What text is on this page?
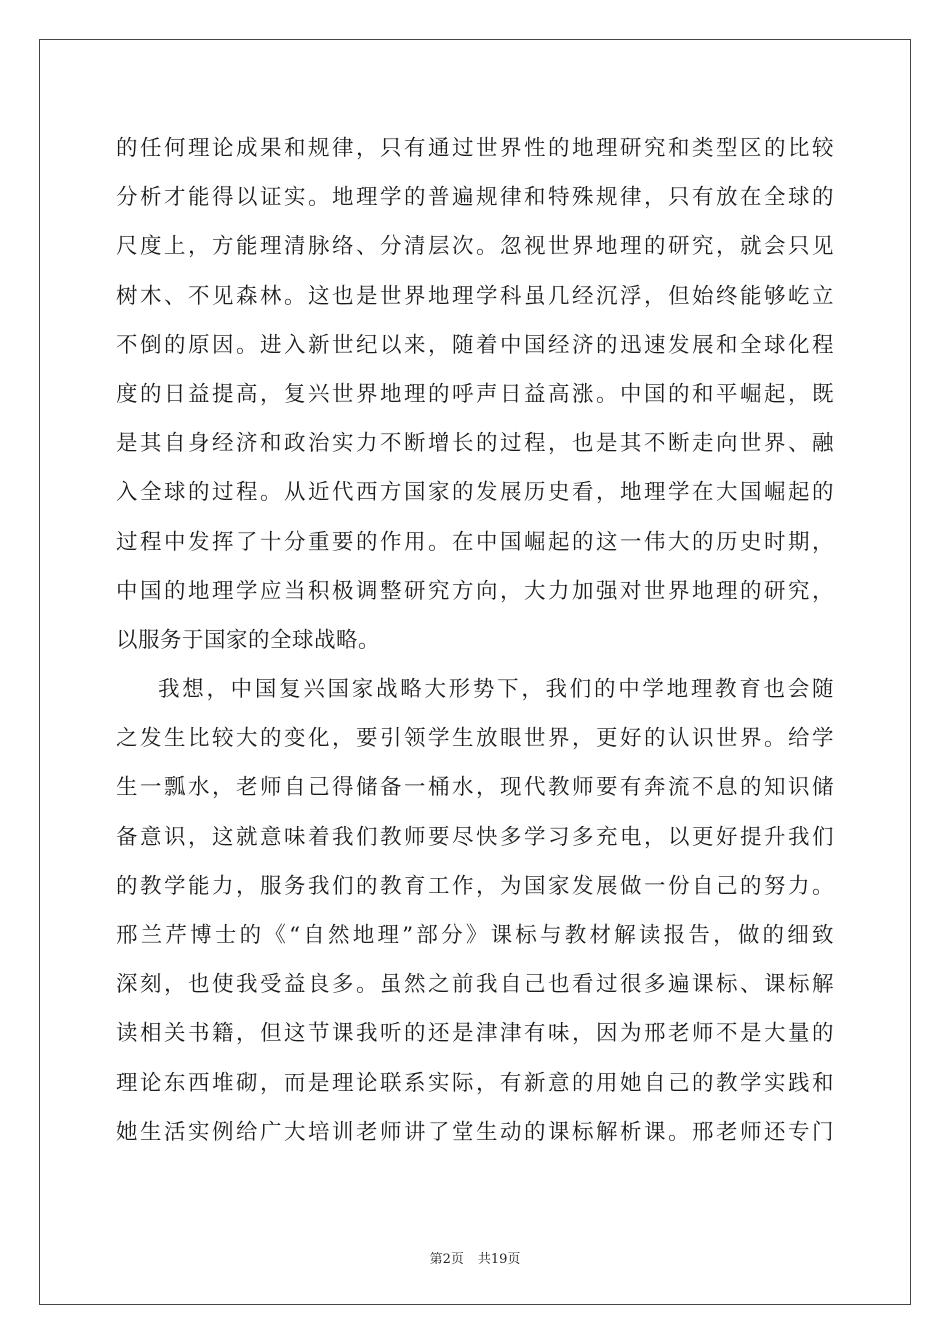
的任何理论成果和规律，只有通过世界性的地理研究和类型区的比较
分析才能得以证实。地理学的普遍规律和特殊规律，只有放在全球的
尺度上，方能理清脉络、分清层次。忽视世界地理的研究，就会只见
树木、不见森林。这也是世界地理学科虽几经沉浮，但始终能够屹立
不倒的原因。进入新世纪以来，随着中国经济的迅速发展和全球化程
度的日益提高，复兴世界地理的呼声日益高涨。中国的和平崛起，既
是其自身经济和政治实力不断增长的过程，也是其不断走向世界、融
入全球的过程。从近代西方国家的发展历史看，地理学在大国崛起的
过程中发挥了十分重要的作用。在中国崛起的这一伟大的历史时期，
中国的地理学应当积极调整研究方向，大力加强对世界地理的研究，
以服务于国家的全球战略。
我想，中国复兴国家战略大形势下，我们的中学地理教育也会随
之发生比较大的变化，要引领学生放眼世界，更好的认识世界。给学
生一瓢水，老师自己得储备一桶水，现代教师要有奔流不息的知识储
备意识，这就意味着我们教师要尽快多学习多充电，以更好提升我们
的教学能力，服务我们的教育工作，为国家发展做一份自己的努力。
邢兰芹博士的《“自然地理”部分》课标与教材解读报告，做的细致
深刻，也使我受益良多。虽然之前我自己也看过很多遍课标、课标解
读相关书籍，但这节课我听的还是津津有味，因为邢老师不是大量的
理论东西堆砌，而是理论联系实际，有新意的用她自己的教学实践和
她生活实例给广大培训老师讲了堂生动的课标解析课。邢老师还专门
第2页 共19页
